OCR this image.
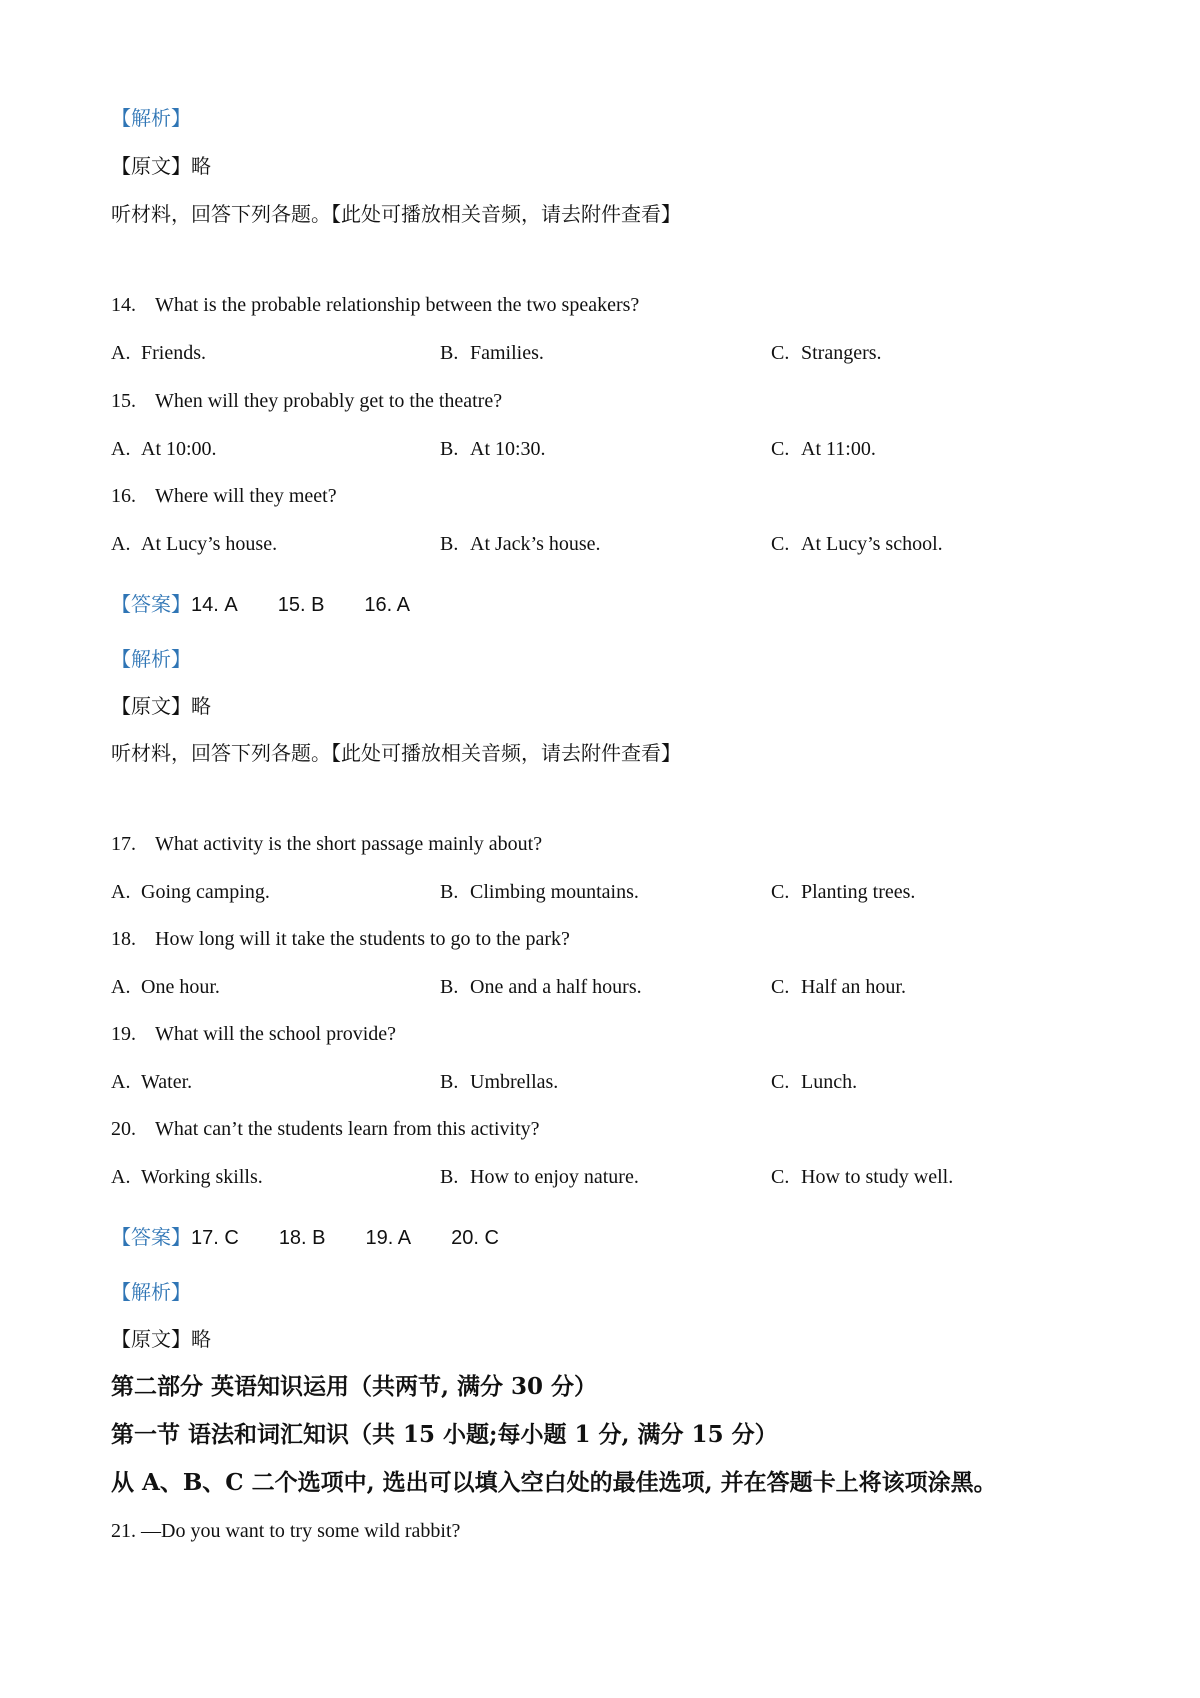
【解析】
【原文】略
听材料，回答下列各题。【此处可播放相关音频，请去附件查看】
14. What is the probable relationship between the two speakers?
A. Friends.	B. Families.	C. Strangers.
15. When will they probably get to the theatre?
A. At 10:00.	B. At 10:30.	C. At 11:00.
16. Where will they meet?
A. At Lucy’s house.	B. At Jack’s house.	C. At Lucy’s school.
【答案】14. A 15. B 16. A
【解析】
【原文】略
听材料，回答下列各题。【此处可播放相关音频，请去附件查看】
17. What activity is the short passage mainly about?
A. Going camping.	B. Climbing mountains.	C. Planting trees.
18. How long will it take the students to go to the park?
A. One hour.	B. One and a half hours.	C. Half an hour.
19. What will the school provide?
A. Water.	B. Umbrellas.	C. Lunch.
20. What can’t the students learn from this activity?
A. Working skills.	B. How to enjoy nature.	C. How to study well.
【答案】17. C 18. B 19. A 20. C
【解析】
【原文】略
第二部分 英语知识运用（共两节, 满分 30 分）
第一节 语法和词汇知识（共 15 小题;每小题 1 分, 满分 15 分）
从 A、B、C 二个选项中, 选出可以填入空白处的最佳选项, 并在答题卡上将该项涂黑。
21. —Do you want to try some wild rabbit?
